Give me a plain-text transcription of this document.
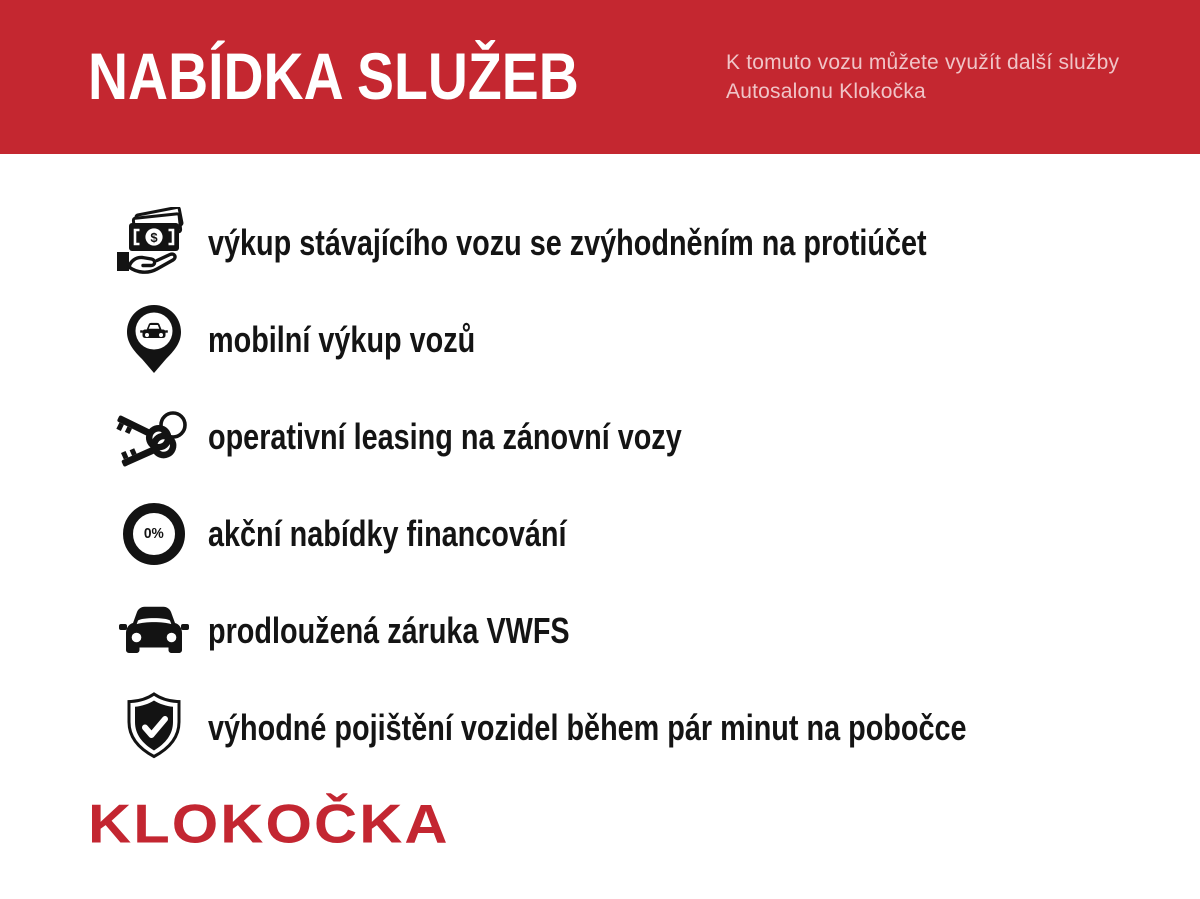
NABÍDKA SLUŽEB	K tomuto vozu můžete využít další služby
Autosalonu Klokočka
$ výkup stávajícího vozu se zvýhodněním na protiúčet
mobilní výkup vozů
operativní leasing na zánovní vozy
0% akční nabídky financování
prodloužená záruka VWFS
výhodné pojištění vozidel během pár minut na pobočce
KLOKOČKA
